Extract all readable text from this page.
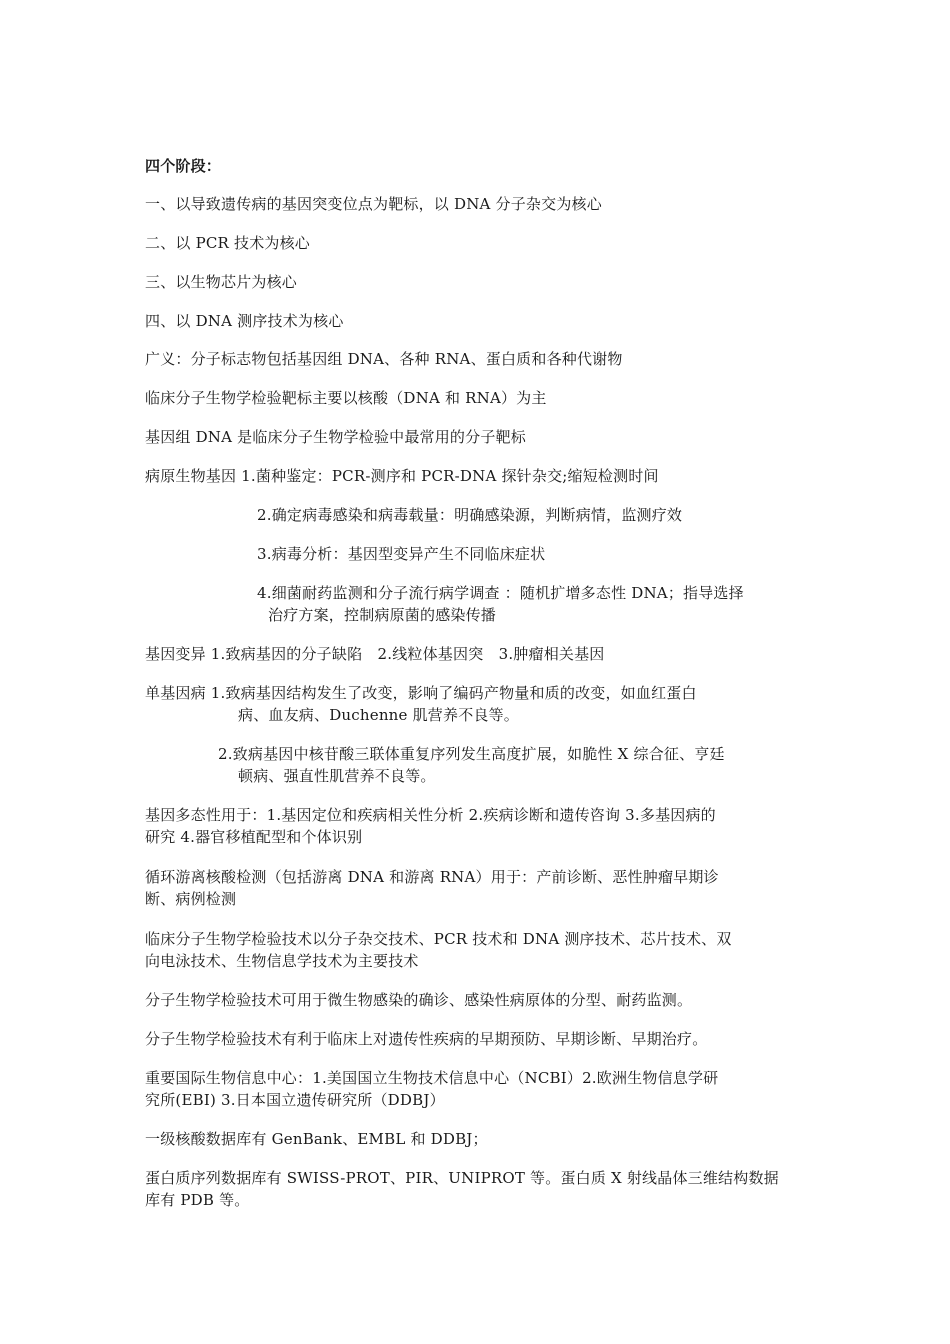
四个阶段：
一、以导致遗传病的基因突变位点为靶标，以 DNA 分子杂交为核心
二、以 PCR 技术为核心
三、以生物芯片为核心
四、以 DNA 测序技术为核心
广义：分子标志物包括基因组 DNA、各种 RNA、蛋白质和各种代谢物
临床分子生物学检验靶标主要以核酸（DNA 和 RNA）为主
基因组 DNA 是临床分子生物学检验中最常用的分子靶标
病原生物基因 1.菌种鉴定：PCR-测序和 PCR-DNA 探针杂交;缩短检测时间
2.确定病毒感染和病毒载量：明确感染源，判断病情，监测疗效
3.病毒分析：基因型变异产生不同临床症状
4.细菌耐药监测和分子流行病学调查 ：随机扩增多态性 DNA；指导选择
治疗方案，控制病原菌的感染传播
基因变异 1.致病基因的分子缺陷　2.线粒体基因突　3.肿瘤相关基因
单基因病 1.致病基因结构发生了改变，影响了编码产物量和质的改变，如血红蛋白
病、血友病、Duchenne 肌营养不良等。
2.致病基因中核苷酸三联体重复序列发生高度扩展，如脆性 X 综合征、亨廷
顿病、强直性肌营养不良等。
基因多态性用于：1.基因定位和疾病相关性分析 2.疾病诊断和遗传咨询 3.多基因病的
研究 4.器官移植配型和个体识别
循环游离核酸检测（包括游离 DNA 和游离 RNA）用于：产前诊断、恶性肿瘤早期诊
断、病例检测
临床分子生物学检验技术以分子杂交技术、PCR 技术和 DNA 测序技术、芯片技术、双
向电泳技术、生物信息学技术为主要技术
分子生物学检验技术可用于微生物感染的确诊、感染性病原体的分型、耐药监测。
分子生物学检验技术有利于临床上对遗传性疾病的早期预防、早期诊断、早期治疗。
重要国际生物信息中心：1.美国国立生物技术信息中心（NCBI）2.欧洲生物信息学研
究所(EBI) 3.日本国立遗传研究所（DDBJ）
一级核酸数据库有 GenBank、EMBL 和 DDBJ；
蛋白质序列数据库有 SWISS-PROT、PIR、UNIPROT 等。蛋白质 X 射线晶体三维结构数据
库有 PDB 等。
